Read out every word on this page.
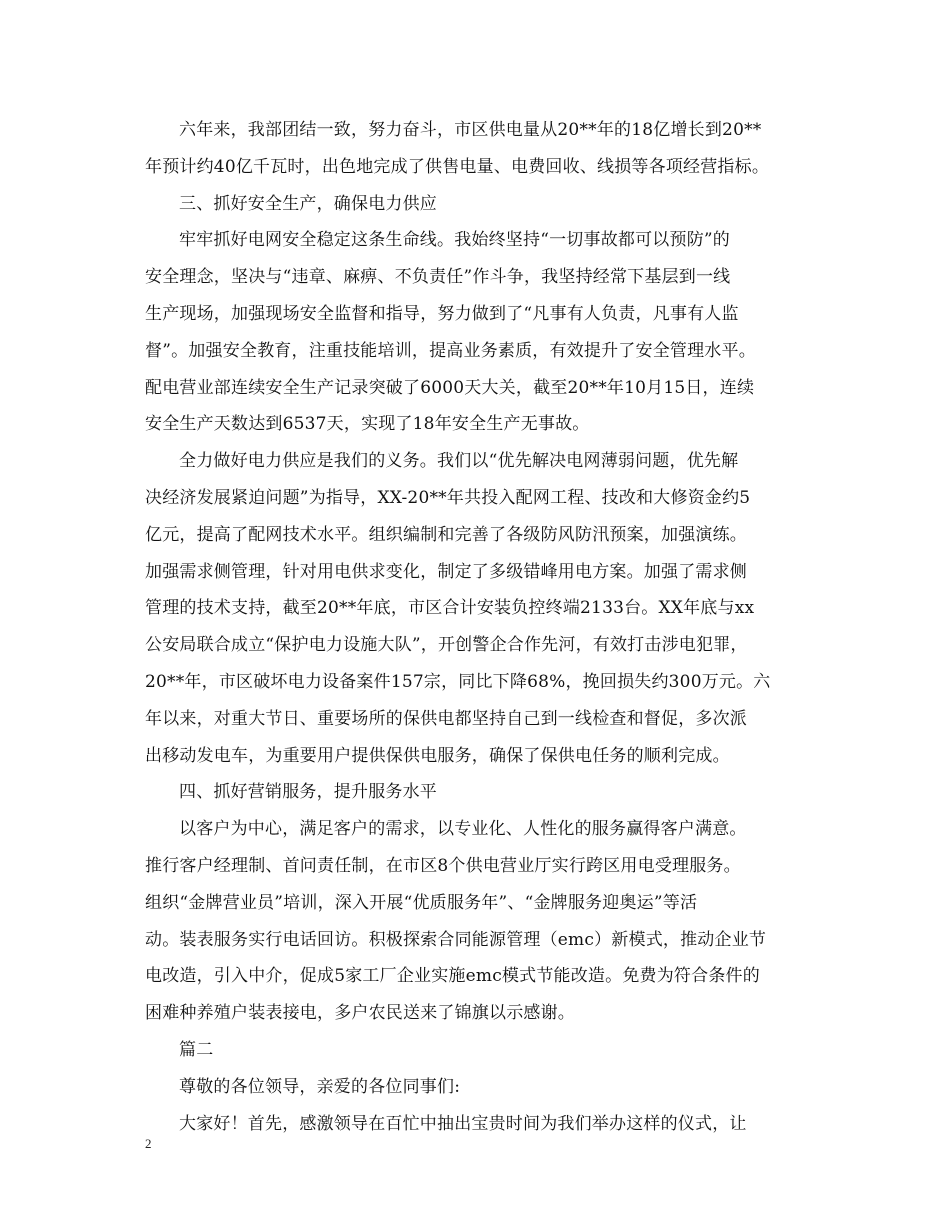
六年来，我部团结一致，努力奋斗，市区供电量从20**年的18亿增长到20**
年预计约40亿千瓦时，出色地完成了供售电量、电费回收、线损等各项经营指标。

三、抓好安全生产，确保电力供应

牢牢抓好电网安全稳定这条生命线。我始终坚持“一切事故都可以预防”的
安全理念，坚决与“违章、麻痹、不负责任”作斗争，我坚持经常下基层到一线
生产现场，加强现场安全监督和指导，努力做到了“凡事有人负责，凡事有人监
督”。加强安全教育，注重技能培训，提高业务素质，有效提升了安全管理水平。
配电营业部连续安全生产记录突破了6000天大关，截至20**年10月15日，连续
安全生产天数达到6537天，实现了18年安全生产无事故。

全力做好电力供应是我们的义务。我们以“优先解决电网薄弱问题，优先解
决经济发展紧迫问题”为指导，XX-20**年共投入配网工程、技改和大修资金约5
亿元，提高了配网技术水平。组织编制和完善了各级防风防汛预案，加强演练。
加强需求侧管理，针对用电供求变化，制定了多级错峰用电方案。加强了需求侧
管理的技术支持，截至20**年底，市区合计安装负控终端2133台。XX年底与xx
公安局联合成立“保护电力设施大队”，开创警企合作先河，有效打击涉电犯罪，
20**年，市区破坏电力设备案件157宗，同比下降68%，挽回损失约300万元。六
年以来，对重大节日、重要场所的保供电都坚持自己到一线检查和督促，多次派
出移动发电车，为重要用户提供保供电服务，确保了保供电任务的顺利完成。

四、抓好营销服务，提升服务水平

以客户为中心，满足客户的需求，以专业化、人性化的服务赢得客户满意。
推行客户经理制、首问责任制，在市区8个供电营业厅实行跨区用电受理服务。
组织“金牌营业员”培训，深入开展“优质服务年”、“金牌服务迎奥运”等活
动。装表服务实行电话回访。积极探索合同能源管理（emc）新模式，推动企业节
电改造，引入中介，促成5家工厂企业实施emc模式节能改造。免费为符合条件的
困难种养殖户装表接电，多户农民送来了锦旗以示感谢。

篇二

尊敬的各位领导，亲爱的各位同事们:

大家好！首先，感激领导在百忙中抽出宝贵时间为我们举办这样的仪式，让

2
